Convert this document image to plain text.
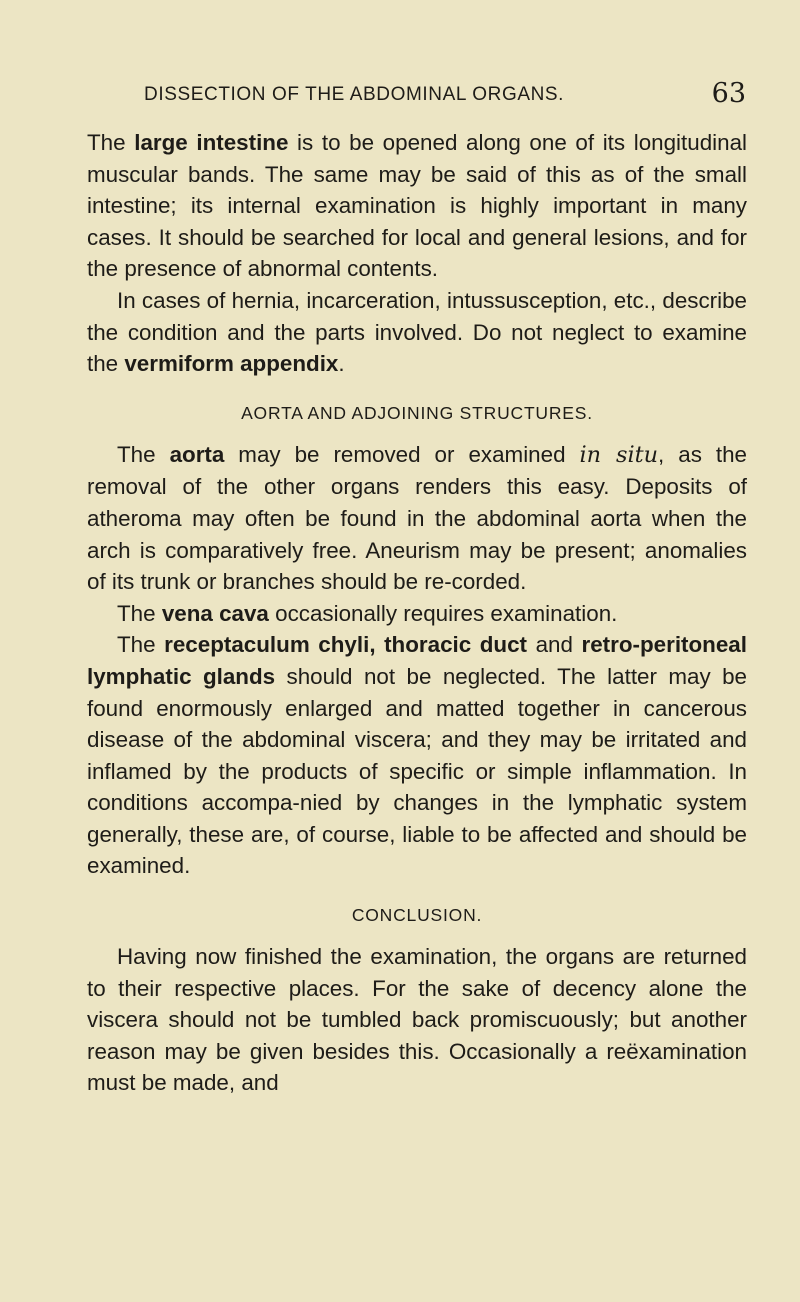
DISSECTION OF THE ABDOMINAL ORGANS.	63

The large intestine is to be opened along one of its longitudinal muscular bands. The same may be said of this as of the small intestine; its internal examination is highly important in many cases. It should be searched for local and general lesions, and for the presence of abnormal contents.

In cases of hernia, incarceration, intussusception, etc., describe the condition and the parts involved. Do not neglect to examine the vermiform appendix.

AORTA AND ADJOINING STRUCTURES.

The aorta may be removed or examined in situ, as the removal of the other organs renders this easy. Deposits of atheroma may often be found in the abdominal aorta when the arch is comparatively free. Aneurism may be present; anomalies of its trunk or branches should be re-corded.

The vena cava occasionally requires examination.

The receptaculum chyli, thoracic duct and retro-peritoneal lymphatic glands should not be neglected. The latter may be found enormously enlarged and matted together in cancerous disease of the abdominal viscera; and they may be irritated and inflamed by the products of specific or simple inflammation. In conditions accompa-nied by changes in the lymphatic system generally, these are, of course, liable to be affected and should be examined.

CONCLUSION.

Having now finished the examination, the organs are returned to their respective places. For the sake of decency alone the viscera should not be tumbled back promiscuously; but another reason may be given besides this. Occasionally a reëxamination must be made, and
